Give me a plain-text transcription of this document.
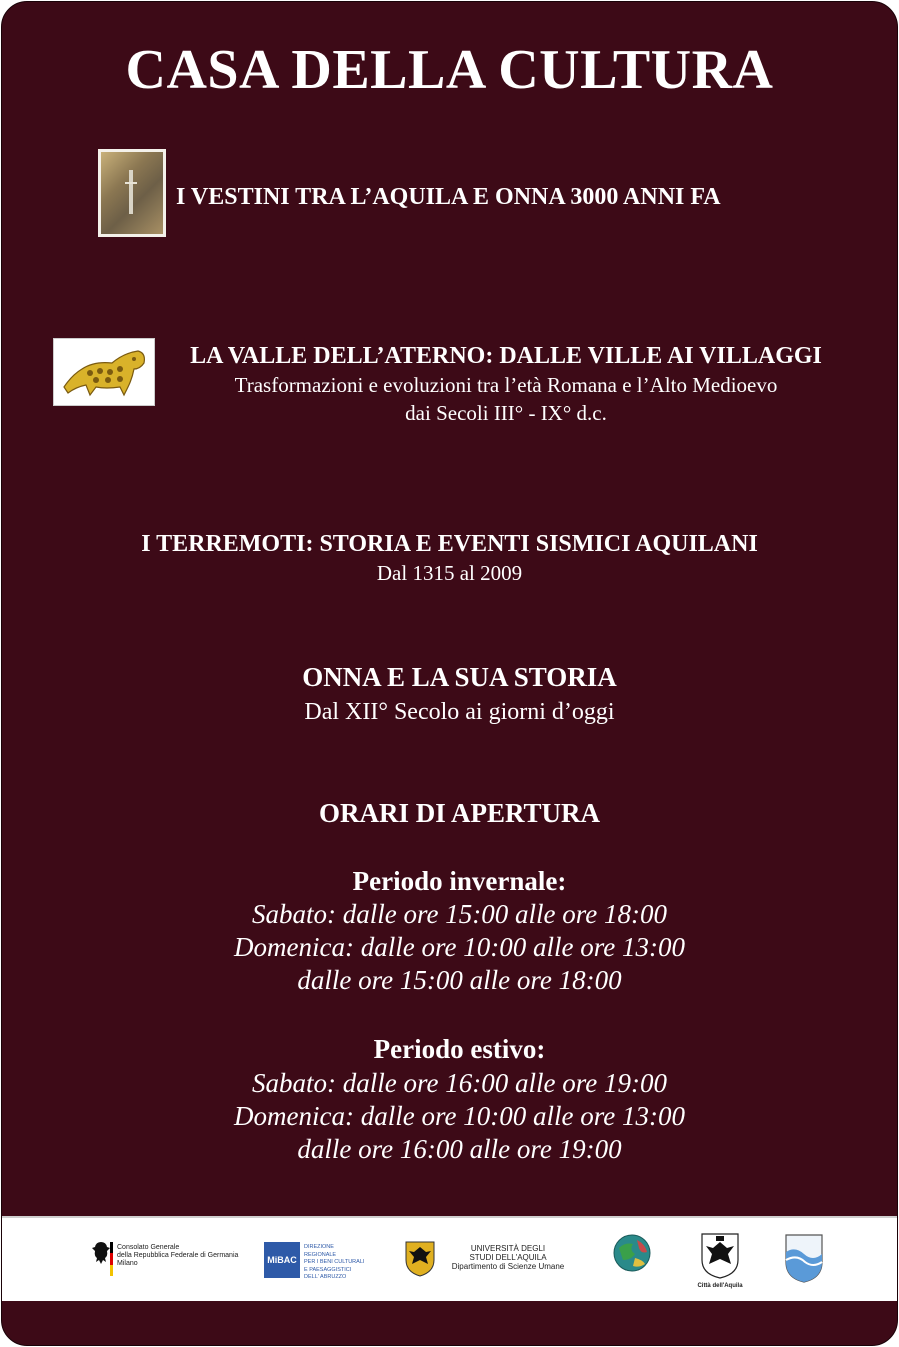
CASA DELLA CULTURA
I VESTINI TRA L’AQUILA E ONNA 3000 ANNI FA
LA VALLE DELL’ATERNO: DALLE VILLE AI VILLAGGI
Trasformazioni e evoluzioni tra l’età Romana e l’Alto Medioevo
dai Secoli III° - IX° d.c.
I TERREMOTI: STORIA E EVENTI SISMICI AQUILANI
Dal 1315 al 2009
ONNA E LA SUA STORIA
Dal XII° Secolo ai giorni d’oggi
ORARI DI APERTURA
Periodo invernale:
Sabato: dalle ore 15:00 alle ore 18:00
Domenica: dalle ore 10:00 alle ore 13:00
dalle ore 15:00 alle ore 18:00
Periodo estivo:
Sabato: dalle ore 16:00 alle ore 19:00
Domenica: dalle ore 10:00 alle ore 13:00
dalle ore 16:00 alle ore 19:00
Consolato Generale
della Repubblica Federale di Germania
Milano	MiBAC
DIREZIONE REGIONALE
PER I BENI CULTURALI
E PAESAGGISTICI
DELL' ABRUZZO
UNIVERSITÀ DEGLI
STUDI DELL'AQUILA
Dipartimento di Scienze Umane
Città dell'Aquila
